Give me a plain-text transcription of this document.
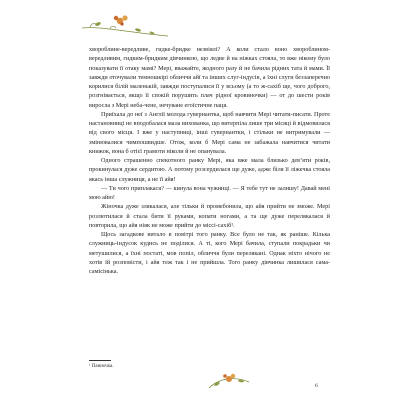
хвороблине-вередливе, гидке-бридке незвіялі? А коли стало воно хвороблином-вередливим, гидким-бридким дівчинкою, що ледве й на ніжках стояла, то вже нікому було показувати її отаку мамі? Мері, вважайте, жодного разу й не бачила рідних тата й мами. Її завжди оточували темношкірі обличчя айї та інших слуг-індусів, а їхні слуги беззаперечно корилися білій маленькій, завжди поступалися її у всьому (а то ж-сахіб ще, чого доброго, розгнівається, якщо її спокій порушить плач рідної кровиночки) — от до шести років виросла з Мері неба-чене, нечуване егоїстичне паця.

Приїхала до неї з Англії молода гувернантка, щоб навчити Мері читати-писати. Проте настановниці не вподобалася мала вихованка, що витерпіла лише три місяці й відмовилася від свого місця. І вже у наступниці, інші гувернантки, і стільки не витримували — змінювалися чимпошвидше. Отож, коли б Мері сама не забажала навчитися читати книжок, вона б отієї грамоти ніколи й не опанувала.

Одного страшенно спекотного ранку Мері, яка вже мала близько дев’яти років, прокинулася дуже сердитою. А потому розсердилася ще дуже, адже біля її ліжечка стояла якась інша служниця, а не її айя!

— Ти чого приплакася? — кинула вона чужинці. — Я тебе тут не залишу! Давай мені мою айю!

Жіночка дуже злякалася, але тільки й промебонила, що айя прийти не зможе. Мері розлютилася й стала бити її руками, копати ногами, а та ще дуже перелякалася й повторила, що айя ніяк не може прийти до міссі-сахіб¹.

Щось загадкове витало в повітрі того ранку. Все було не так, як раніше. Кілька служниць-індусок кудись не поділися. А ті, кого Мері бачила, ступали покрадьки чи метушилися, а їхні постаті, мов попіл, обличчя були перелякані. Однак ніхто нічого не хотів їй розповісти, і айя теж так і не прийшла. Того ранку дівчинка лишилася сама-самісінька.

¹ Панночка.
6
